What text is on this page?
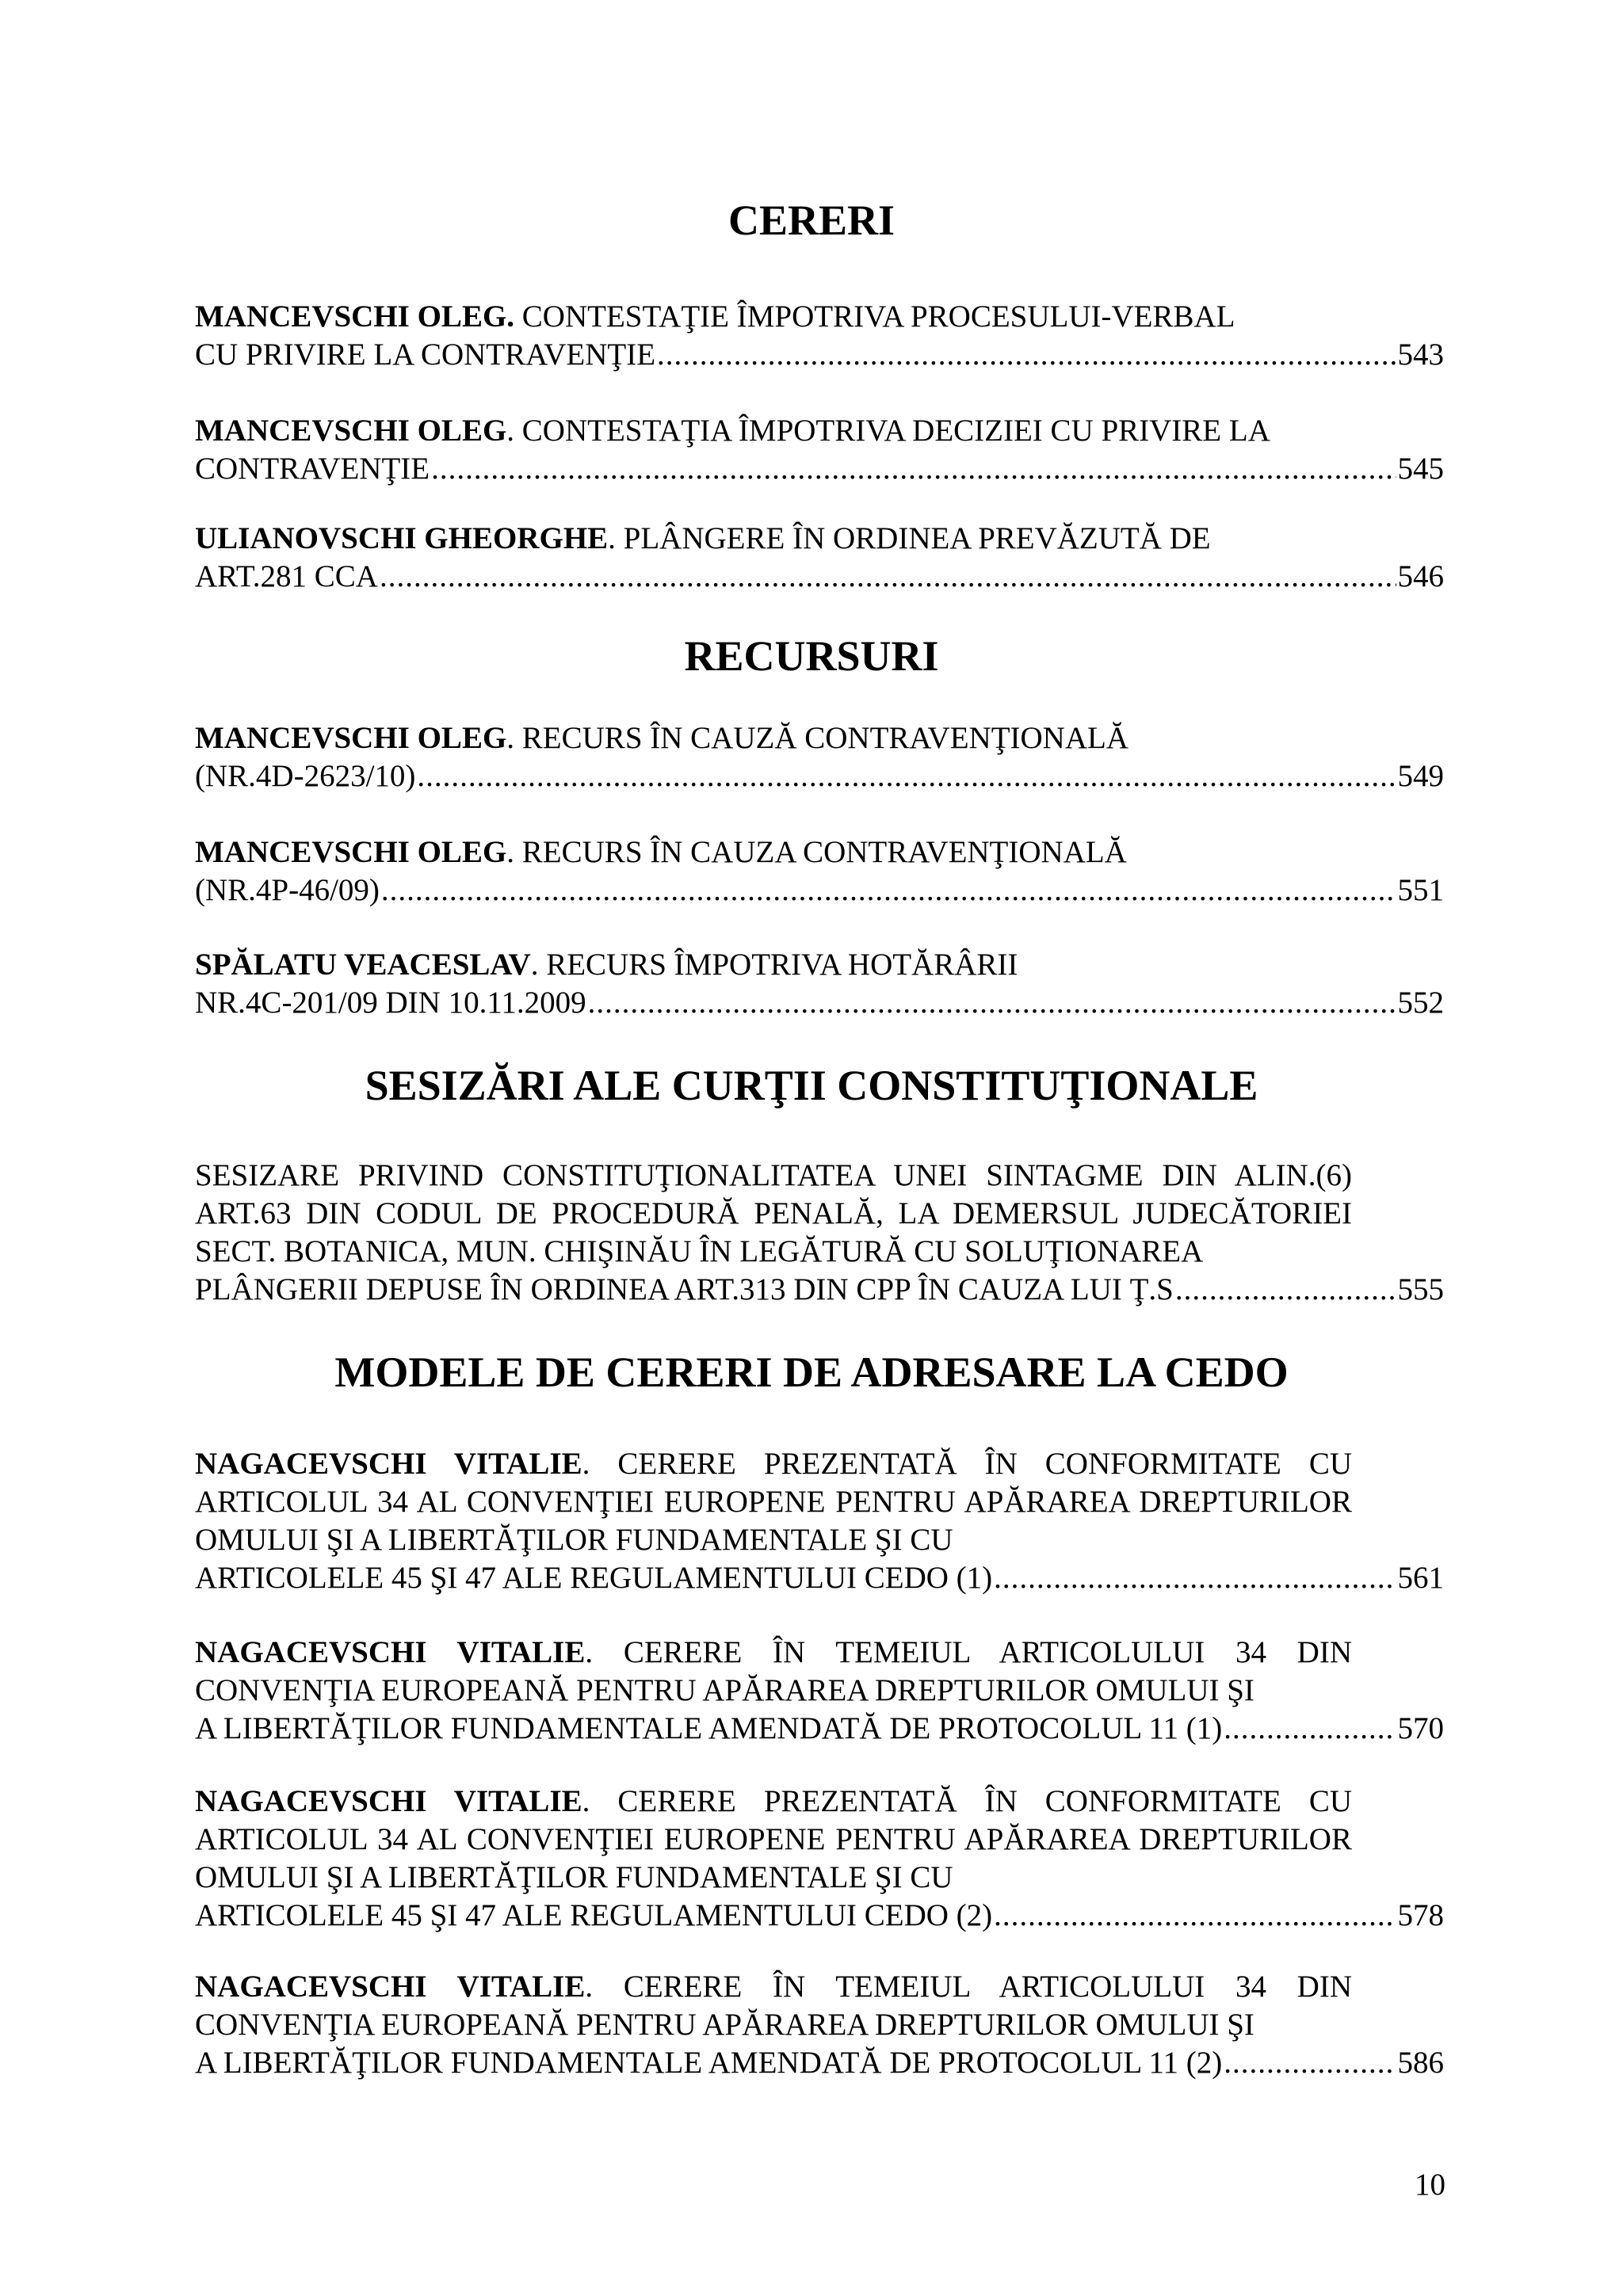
CERERI
MANCEVSCHI OLEG. CONTESTAŢIE ÎMPOTRIVA PROCESULUI-VERBAL
CU PRIVIRE LA CONTRAVENŢIE .....	543
MANCEVSCHI OLEG. CONTESTAŢIA ÎMPOTRIVA DECIZIEI CU PRIVIRE LA
CONTRAVENŢIE .....	545
ULIANOVSCHI GHEORGHE. PLÂNGERE ÎN ORDINEA PREVĂZUTĂ DE
ART.281 CCA .....	546
RECURSURI
MANCEVSCHI OLEG. RECURS ÎN CAUZĂ CONTRAVENŢIONALĂ
(NR.4D-2623/10) .....	549
MANCEVSCHI OLEG. RECURS ÎN CAUZA CONTRAVENŢIONALĂ
(NR.4P-46/09) .....	551
SPĂLATU VEACESLAV. RECURS ÎMPOTRIVA HOTĂRÂRII
NR.4C-201/09 DIN 10.11.2009 .....	552
SESIZĂRI ALE CURŢII CONSTITUŢIONALE
SESIZARE PRIVIND CONSTITUŢIONALITATEA UNEI SINTAGME DIN ALIN.(6) ART.63 DIN CODUL DE PROCEDURĂ PENALĂ, LA DEMERSUL JUDECĂTORIEI SECT. BOTANICA, MUN. CHIŞINĂU ÎN LEGĂTURĂ CU SOLUŢIONAREA
PLÂNGERII DEPUSE ÎN ORDINEA ART.313 DIN CPP ÎN CAUZA LUI Ţ.S .....	555
MODELE DE CERERI DE ADRESARE LA CEDO
NAGACEVSCHI VITALIE. CERERE PREZENTATĂ ÎN CONFORMITATE CU ARTICOLUL 34 AL CONVENŢIEI EUROPENE PENTRU APĂRAREA DREPTURILOR OMULUI ŞI A LIBERTĂŢILOR FUNDAMENTALE ŞI CU
ARTICOLELE 45 ŞI 47 ALE REGULAMENTULUI CEDO (1) .....	561
NAGACEVSCHI VITALIE. CERERE ÎN TEMEIUL ARTICOLULUI 34 DIN CONVENŢIA EUROPEANĂ PENTRU APĂRAREA DREPTURILOR OMULUI ŞI
A LIBERTĂŢILOR FUNDAMENTALE AMENDATĂ DE PROTOCOLUL 11 (1) .....	570
NAGACEVSCHI VITALIE. CERERE PREZENTATĂ ÎN CONFORMITATE CU ARTICOLUL 34 AL CONVENŢIEI EUROPENE PENTRU APĂRAREA DREPTURILOR OMULUI ŞI A LIBERTĂŢILOR FUNDAMENTALE ŞI CU
ARTICOLELE 45 ŞI 47 ALE REGULAMENTULUI CEDO (2) .....	578
NAGACEVSCHI VITALIE. CERERE ÎN TEMEIUL ARTICOLULUI 34 DIN CONVENŢIA EUROPEANĂ PENTRU APĂRAREA DREPTURILOR OMULUI ŞI
A LIBERTĂŢILOR FUNDAMENTALE AMENDATĂ DE PROTOCOLUL 11 (2) .....	586
10
